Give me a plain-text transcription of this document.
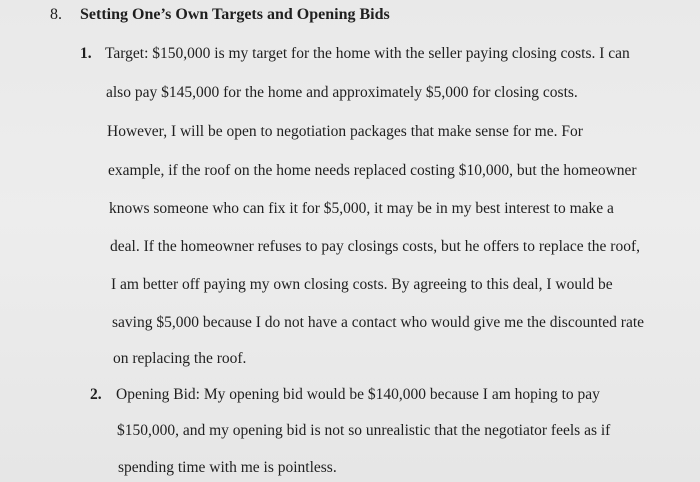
8. Setting One’s Own Targets and Opening Bids
1. Target: $150,000 is my target for the home with the seller paying closing costs. I can
also pay $145,000 for the home and approximately $5,000 for closing costs.
However, I will be open to negotiation packages that make sense for me. For
example, if the roof on the home needs replaced costing $10,000, but the homeowner
knows someone who can fix it for $5,000, it may be in my best interest to make a
deal. If the homeowner refuses to pay closings costs, but he offers to replace the roof,
I am better off paying my own closing costs. By agreeing to this deal, I would be
saving $5,000 because I do not have a contact who would give me the discounted rate
on replacing the roof.
2. Opening Bid: My opening bid would be $140,000 because I am hoping to pay
$150,000, and my opening bid is not so unrealistic that the negotiator feels as if
spending time with me is pointless.
